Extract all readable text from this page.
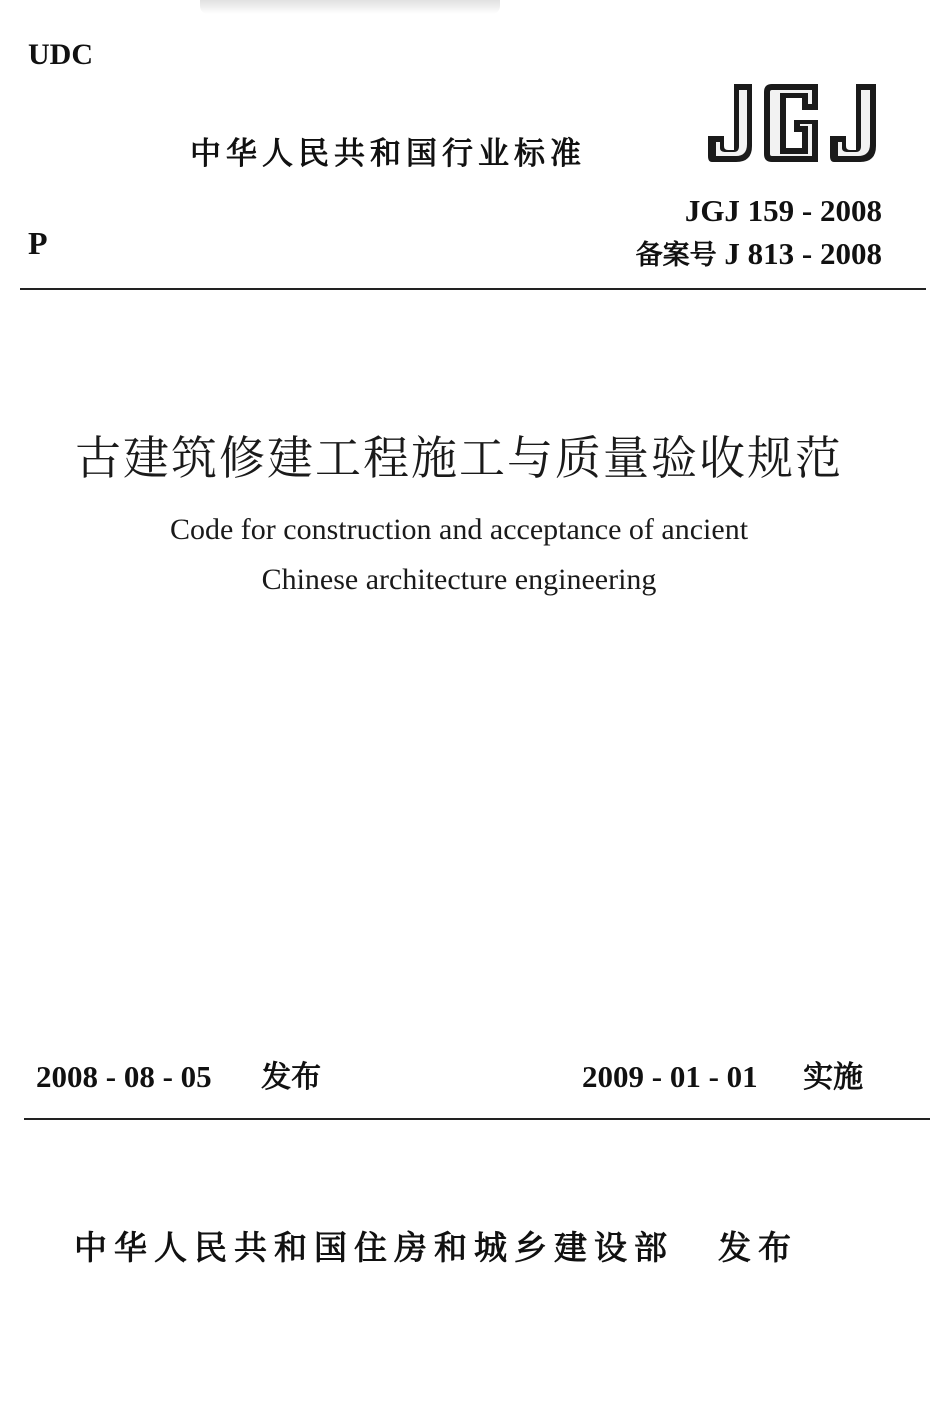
UDC
中华人民共和国行业标准
JGJ 159 - 2008
P	备案号 J 813 - 2008
古建筑修建工程施工与质量验收规范
Code for construction and acceptance of ancient
Chinese architecture engineering
2008 - 08 - 05 发布	2009 - 01 - 01 实施
中华人民共和国住房和城乡建设部 发布
